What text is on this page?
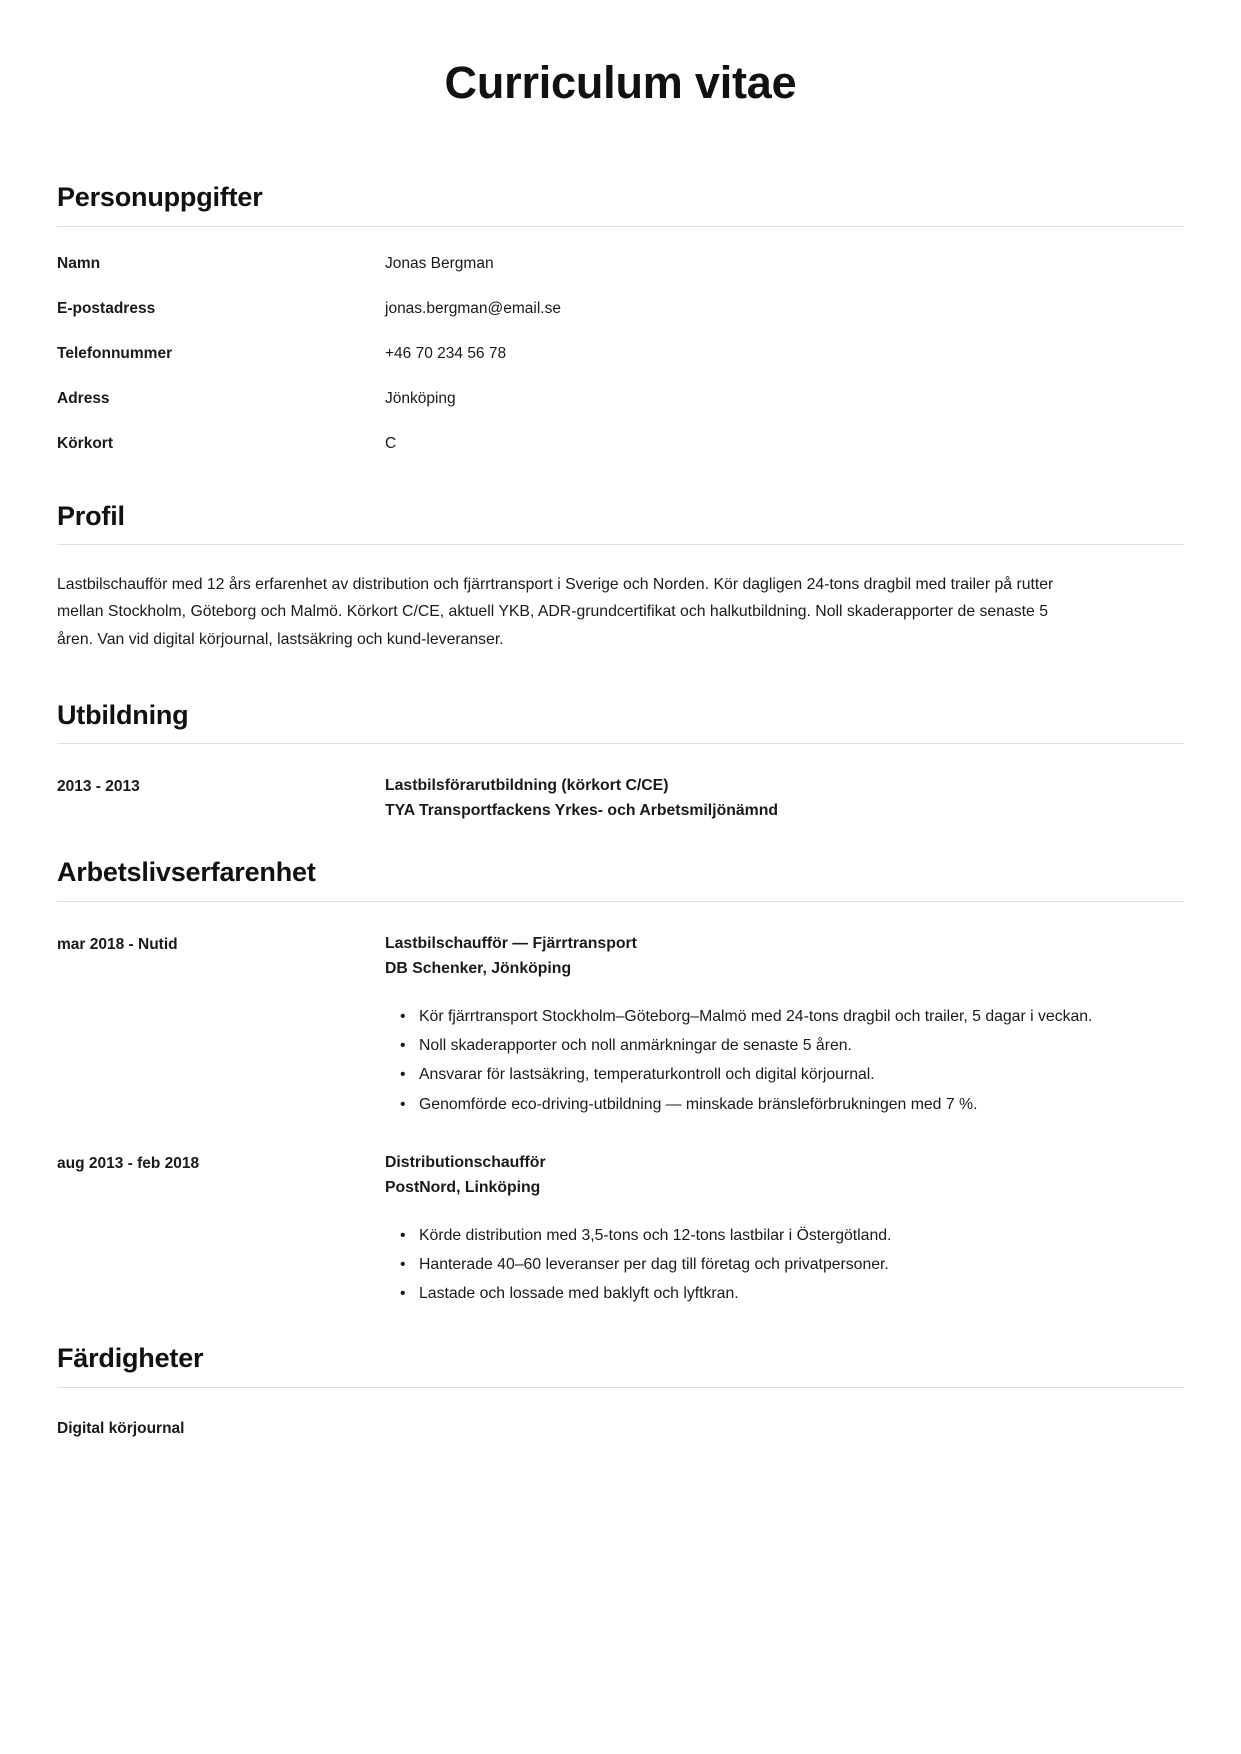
Curriculum vitae
Personuppgifter
Namn	Jonas Bergman
E-postadress	jonas.bergman@email.se
Telefonnummer	+46 70 234 56 78
Adress	Jönköping
Körkort	C
Profil

Lastbilschaufför med 12 års erfarenhet av distribution och fjärrtransport i Sverige och Norden. Kör dagligen 24-tons dragbil med trailer på rutter mellan Stockholm, Göteborg och Malmö. Körkort C/CE, aktuell YKB, ADR-grundcertifikat och halkutbildning. Noll skaderapporter de senaste 5 åren. Van vid digital körjournal, lastsäkring och kund-leveranser.

Utbildning
2013 - 2013	Lastbilsförarutbildning (körkort C/CE)
TYA Transportfackens Yrkes- och Arbetsmiljönämnd
Arbetslivserfarenhet
mar 2018 - Nutid	Lastbilschaufför — Fjärrtransport
DB Schenker, Jönköping
• Kör fjärrtransport Stockholm–Göteborg–Malmö med 24-tons dragbil och trailer, 5 dagar i veckan.
• Noll skaderapporter och noll anmärkningar de senaste 5 åren.
• Ansvarar för lastsäkring, temperaturkontroll och digital körjournal.
• Genomförde eco-driving-utbildning — minskade bränsleförbrukningen med 7 %.
aug 2013 - feb 2018	Distributionschaufför
PostNord, Linköping
• Körde distribution med 3,5-tons och 12-tons lastbilar i Östergötland.
• Hanterade 40–60 leveranser per dag till företag och privatpersoner.
• Lastade och lossade med baklyft och lyftkran.
Färdigheter
Digital körjournal
